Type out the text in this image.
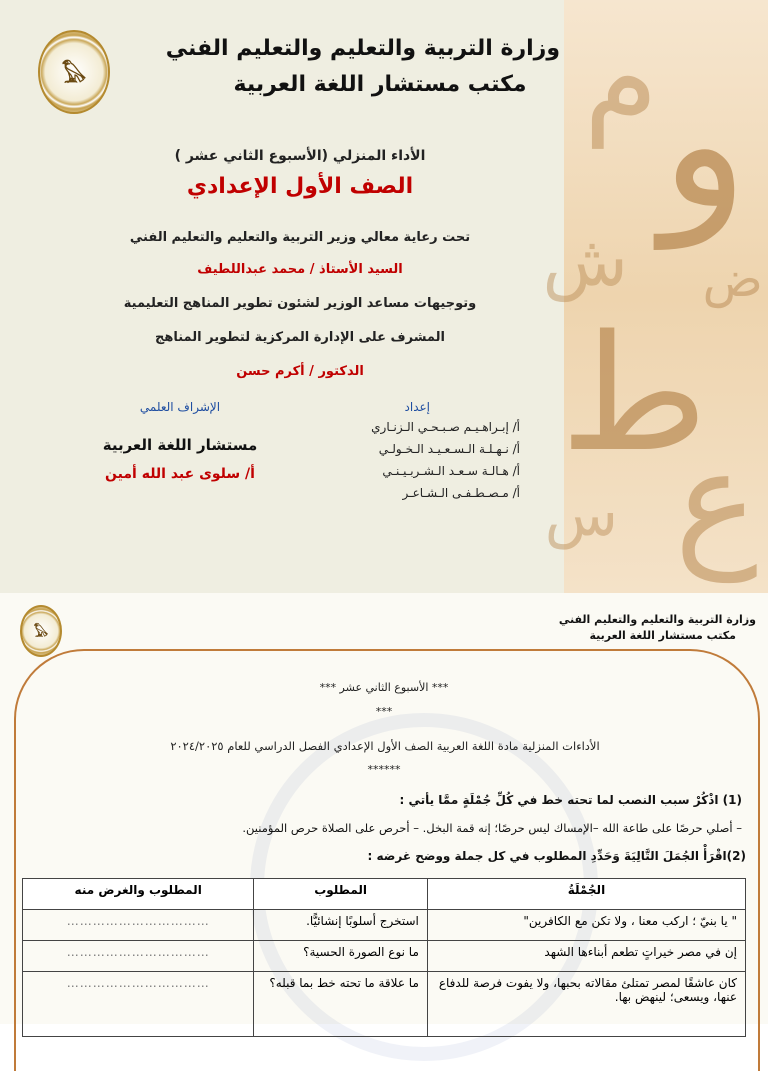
و
م
ط
ع
ش
س
ض
𓅃
وزارة التربية والتعليم والتعليم الفني
مكتب مستشار اللغة العربية
الأداء المنزلي (الأسبوع الثاني عشر )
الصف الأول الإعدادي
تحت رعاية معالي وزير التربية والتعليم والتعليم الفني
السيد الأستاذ / محمد عبداللطيف
وتوجيهات مساعد الوزير لشئون تطوير المناهج التعليمية
المشرف على الإدارة المركزية لتطوير المناهج
الدكتور / أكرم حسن
إعداد
أ/ إبـراهـيـم صـبـحـي الـزنـاري
أ/ نـهـلـة الـسـعـيـد الـخـولـي
أ/ هـالـة سـعـد الـشـربـيـنـي
أ/ مـصـطـفـى الـشـاعـر
الإشراف العلمي
مستشار اللغة العربية
أ/ سلوى عبد الله أمين
𓅃
وزارة التربية والتعليم والتعليم الفني
مكتب مستشار اللغة العربية
*** الأسبوع الثاني عشر ***
***
الأداءات المنزلية مادة اللغة العربية الصف الأول الإعدادي الفصل الدراسي للعام ٢٠٢٤/٢٠٢٥
******
(1) اذْكُرْ سبب النصب لما تحته خط في كُلِّ جُمْلَةٍ ممَّا يأتي :
– أصلي حرصًا على طاعة الله –الإمساك ليس حرصًا؛ إنه قمة البخل. – أحرص على الصلاة حرص المؤمنين.
(2)اقْرَأْ الجُمَلَ التَّالِيَةَ وَحَدِّدِ المطلوب في كل جملة ووضح غرضه :
الجُمْلَةُ	المطلوب	المطلوب والغرض منه
" يا بنيّ ؛ اركب معنا ، ولا تكن مع الكافرين"	استخرج أسلوبًا إنشائيًّا.	……………………………
إن في مصر خيراتٍ تطعم أبناءها الشهد	ما نوع الصورة الحسية؟	……………………………
كان عاشقًا لمصر تمتلئ مقالاته بحبها، ولا يفوت فرصة للدفاع عنها، ويسعى؛ لينهض بها.	ما علاقة ما تحته خط بما قبله؟	……………………………
